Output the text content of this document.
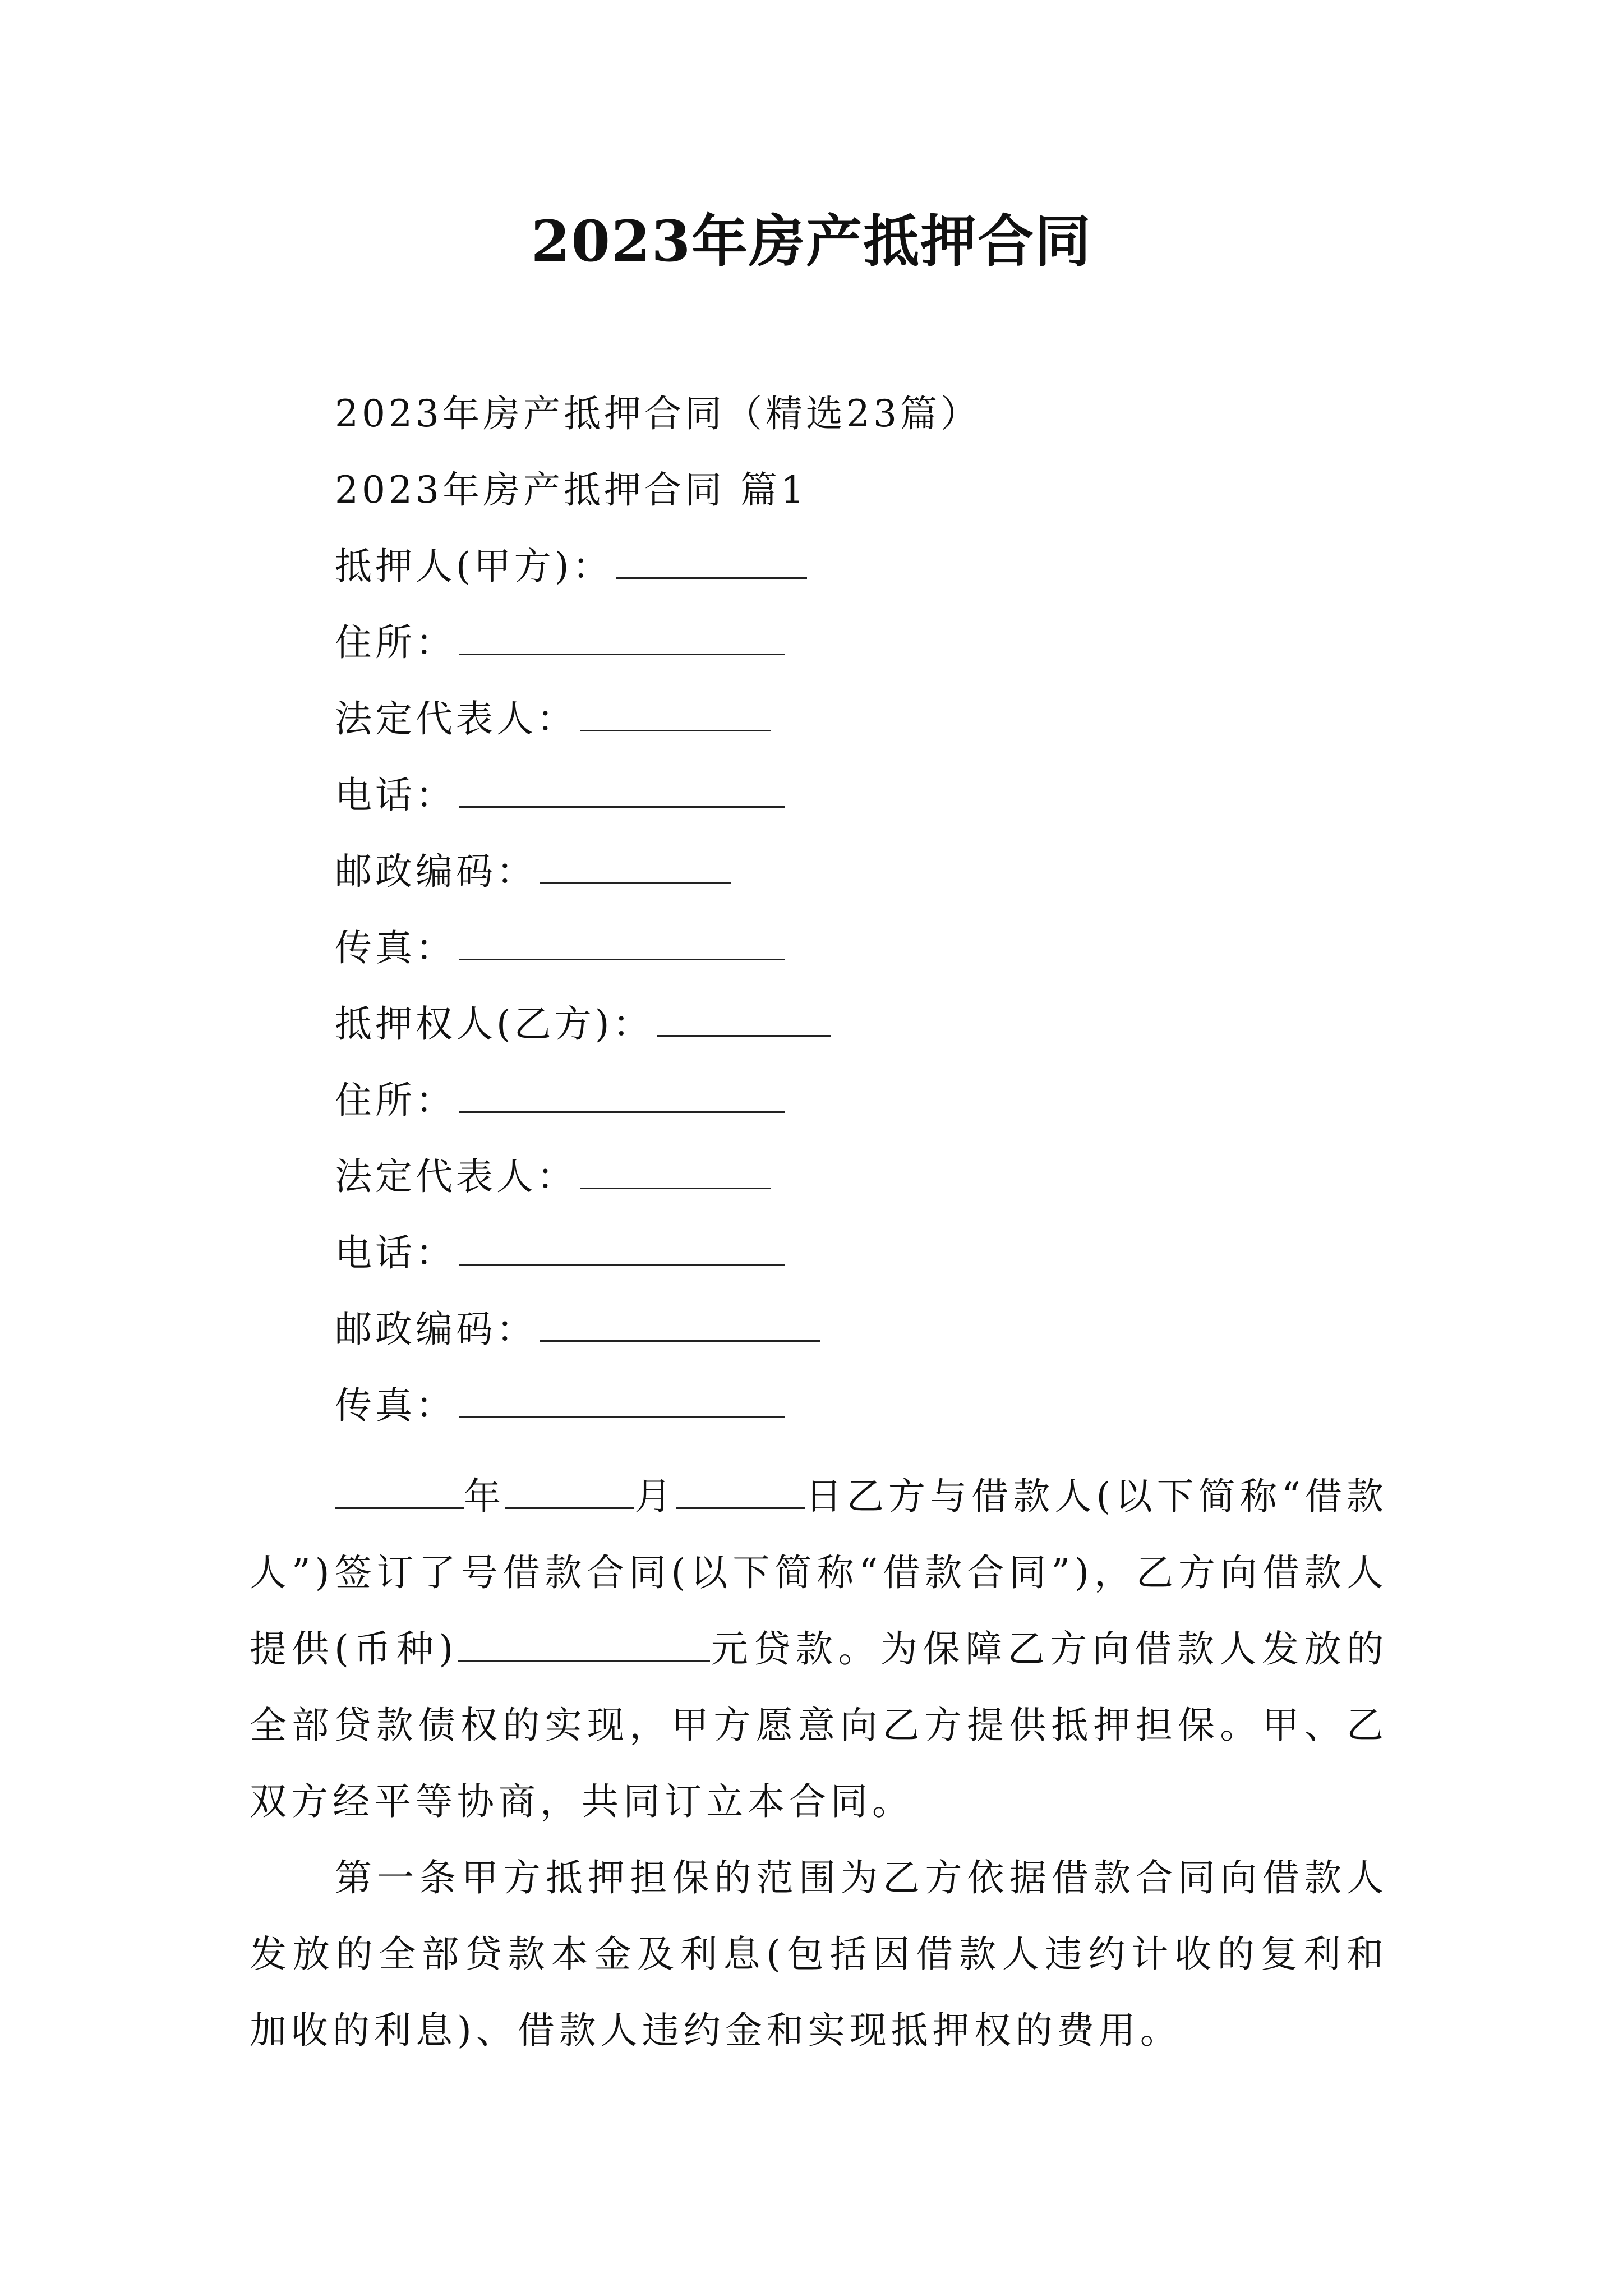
2023年房产抵押合同
2023年房产抵押合同（精选23篇）
2023年房产抵押合同 篇1
抵押人(甲方)：
住所：
法定代表人：
电话：
邮政编码：
传真：
抵押权人(乙方)：
住所：
法定代表人：
电话：
邮政编码：
传真：
年	月	日乙方与借款人(以下简称“借款人”)签订了号借款合同(以下简称“借款合同”)，乙方向借款人提供(币种)	元贷款。为保障乙方向借款人发放的全部贷款债权的实现，甲方愿意向乙方提供抵押担保。甲、乙双方经平等协商，共同订立本合同。
第一条甲方抵押担保的范围为乙方依据借款合同向借款人发放的全部贷款本金及利息(包括因借款人违约计收的复利和加收的利息)、借款人违约金和实现抵押权的费用。
